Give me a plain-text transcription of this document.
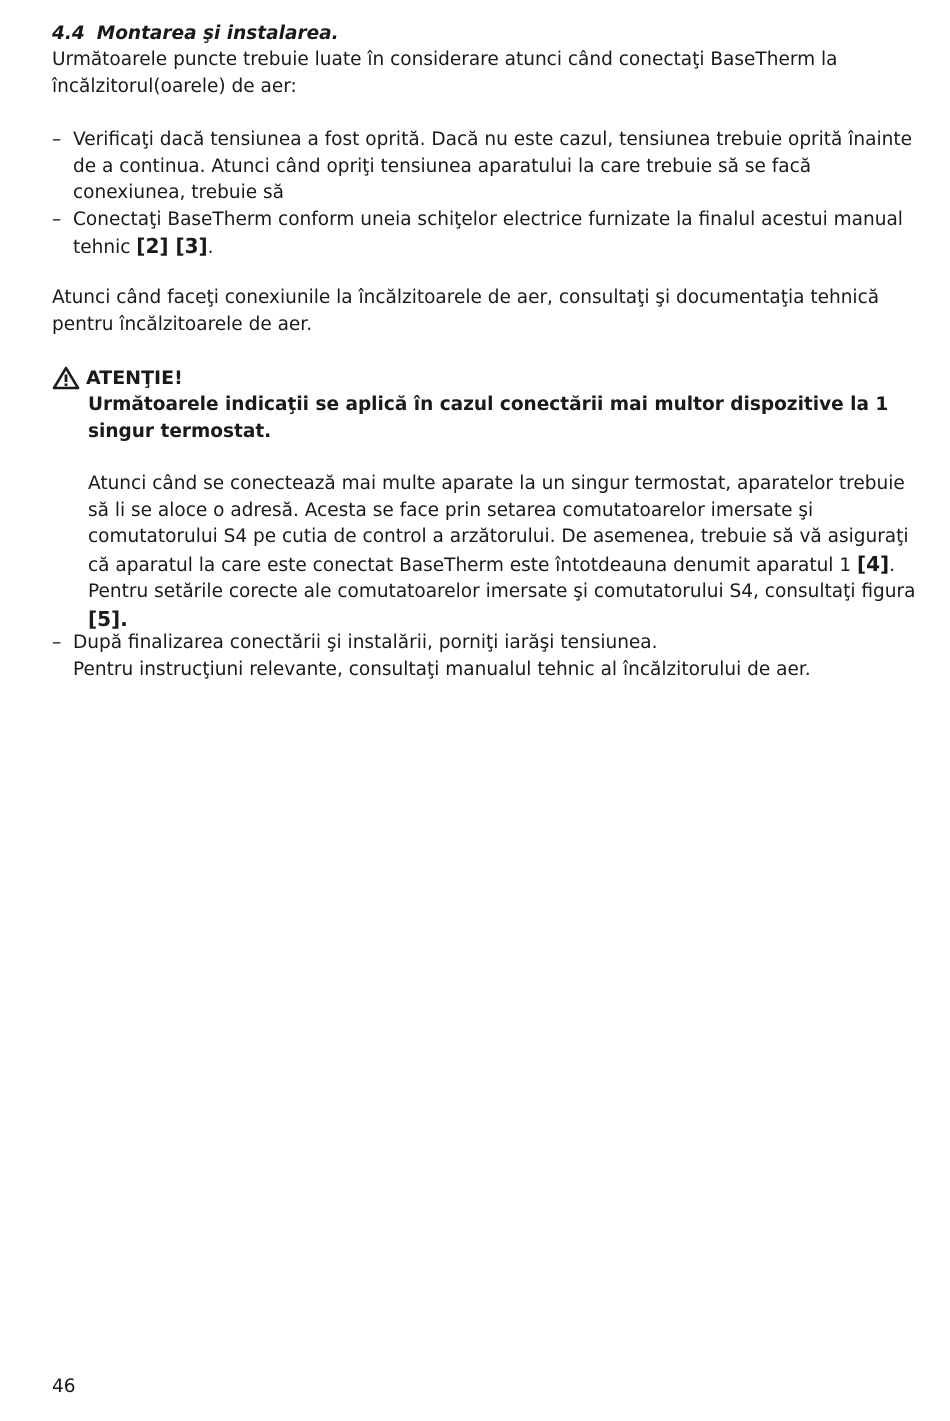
4.4 Montarea şi instalarea.

Următoarele puncte trebuie luate în considerare atunci când conectaţi BaseTherm la încălzitorul(oarele) de aer:

– Verificaţi dacă tensiunea a fost oprită. Dacă nu este cazul, tensiunea trebuie oprită înainte de a continua. Atunci când opriţi tensiunea aparatului la care trebuie să se facă conexiunea, trebuie să
– Conectaţi BaseTherm conform uneia schiţelor electrice furnizate la finalul acestui manual tehnic [2] [3].

Atunci când faceţi conexiunile la încălzitoarele de aer, consultaţi şi documentaţia tehnică pentru încălzitoarele de aer.

ATENŢIE!

Următoarele indicaţii se aplică în cazul conectării mai multor dispozitive la 1 singur termostat.

Atunci când se conectează mai multe aparate la un singur termostat, aparatelor trebuie să li se aloce o adresă. Acesta se face prin setarea comutatoarelor imersate şi comutatorului S4 pe cutia de control a arzătorului. De asemenea, trebuie să vă asiguraţi că aparatul la care este conectat BaseTherm este întotdeauna denumit aparatul 1 [4].
Pentru setările corecte ale comutatoarelor imersate şi comutatorului S4, consultaţi figura [5].

– După finalizarea conectării şi instalării, porniţi iarăşi tensiunea.
Pentru instrucţiuni relevante, consultaţi manualul tehnic al încălzitorului de aer.
46
